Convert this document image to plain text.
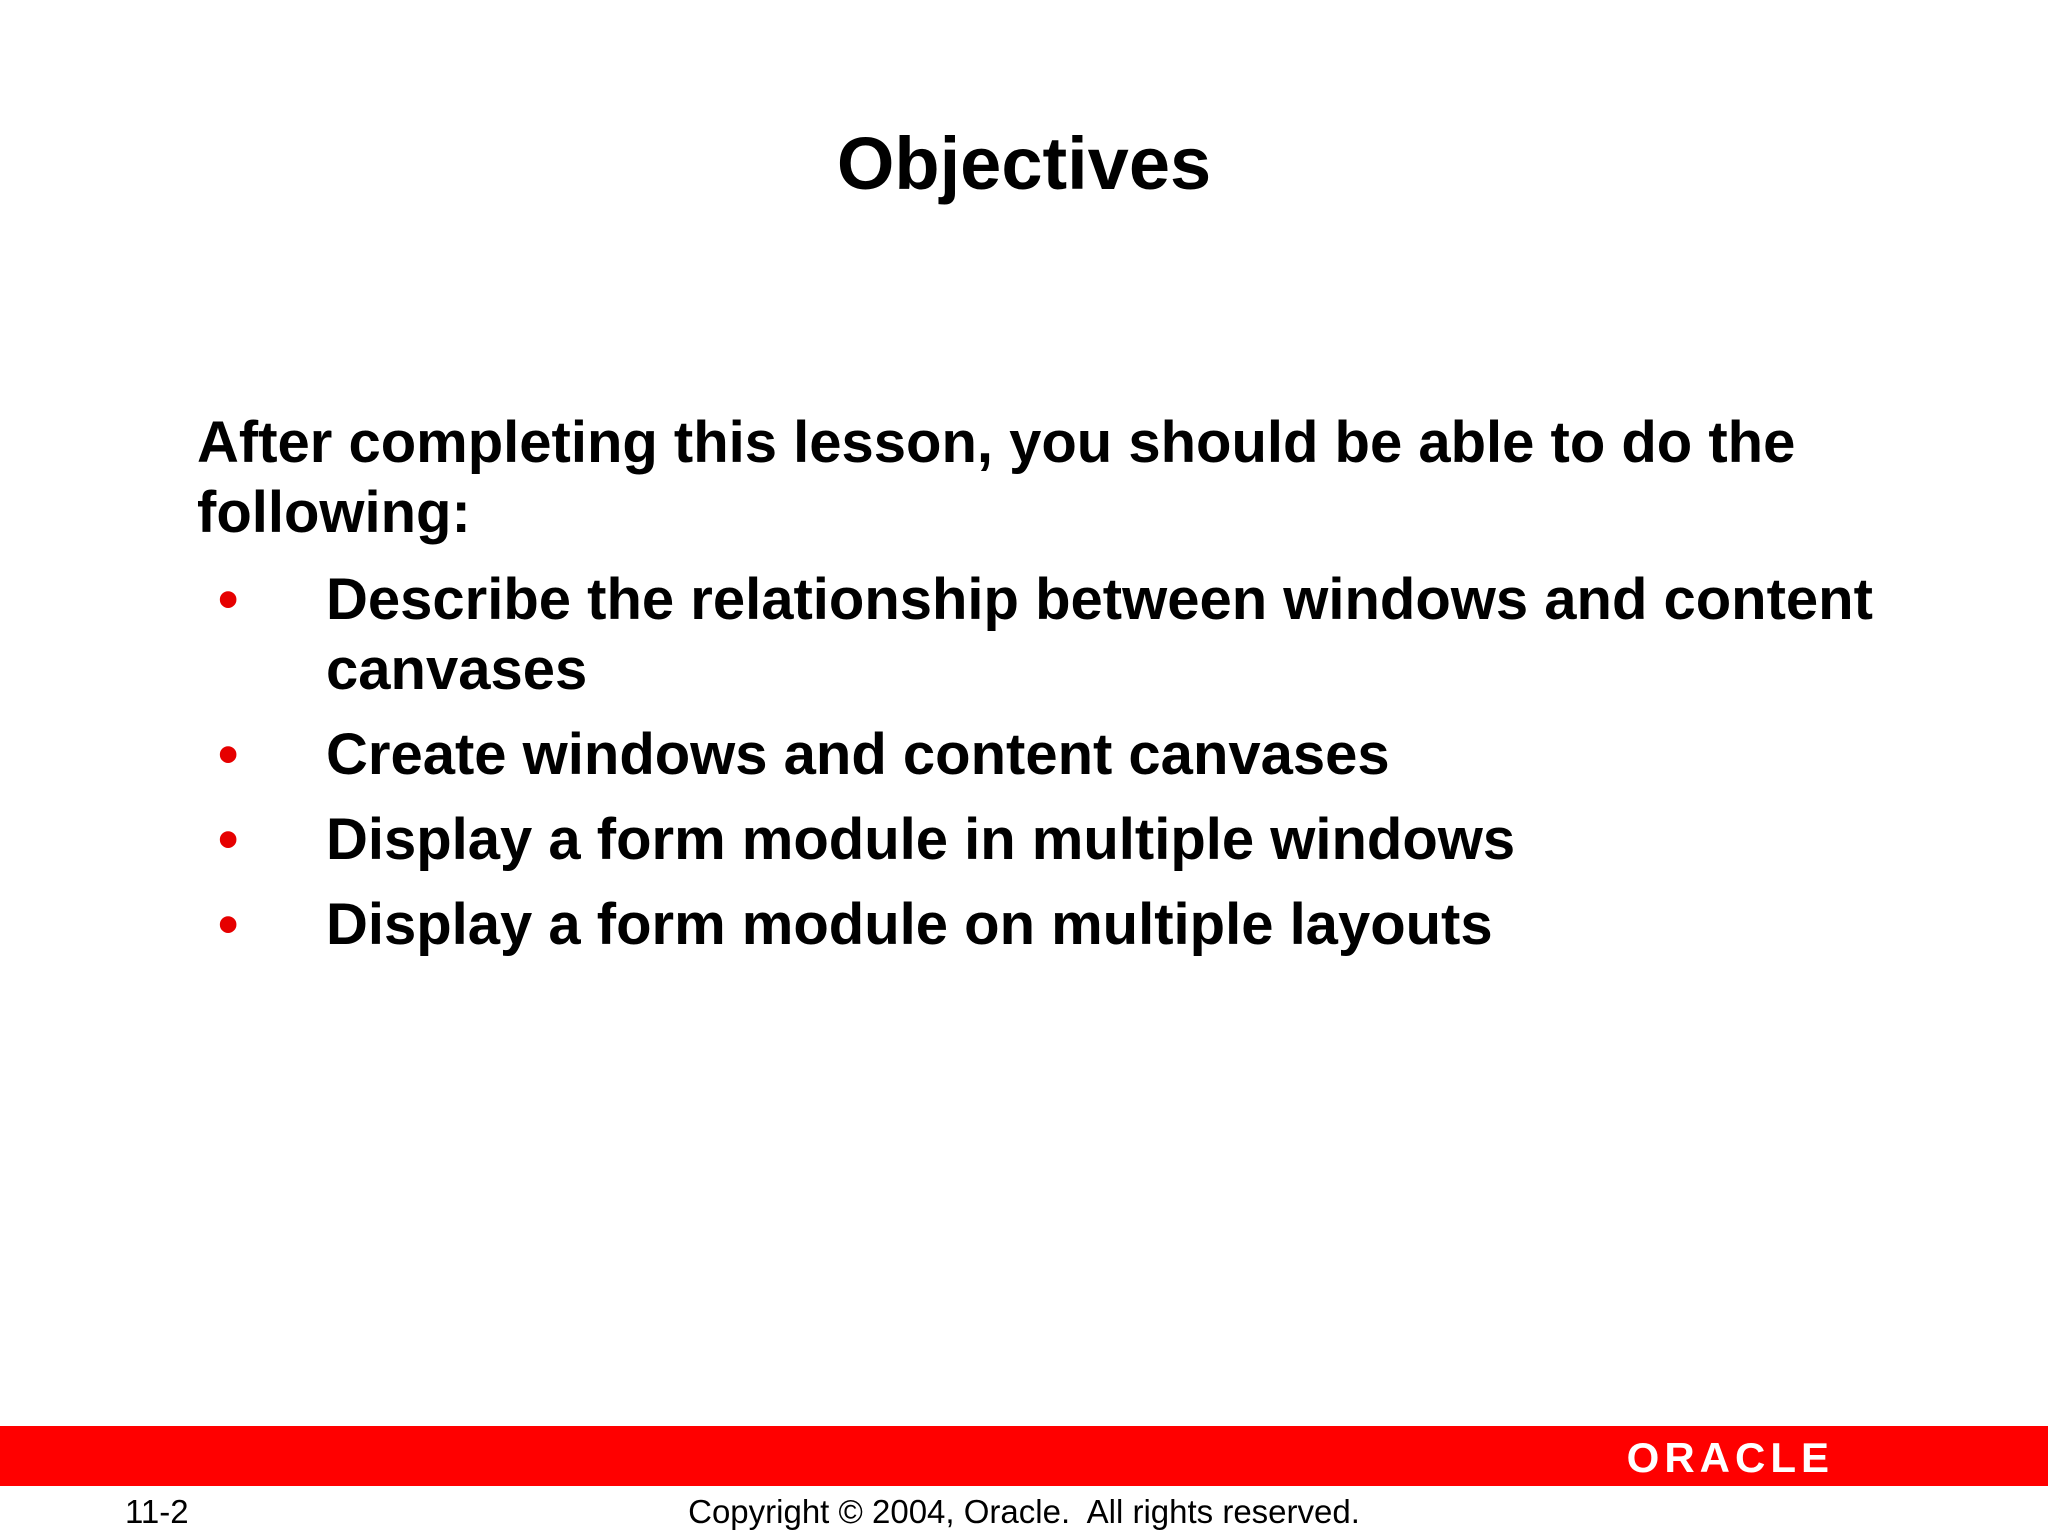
Objectives

After completing this lesson, you should be able to do the following:

• Describe the relationship between windows and content canvases
• Create windows and content canvases
• Display a form module in multiple windows
• Display a form module on multiple layouts
ORACLE
11-2	Copyright © 2004, Oracle.  All rights reserved.
